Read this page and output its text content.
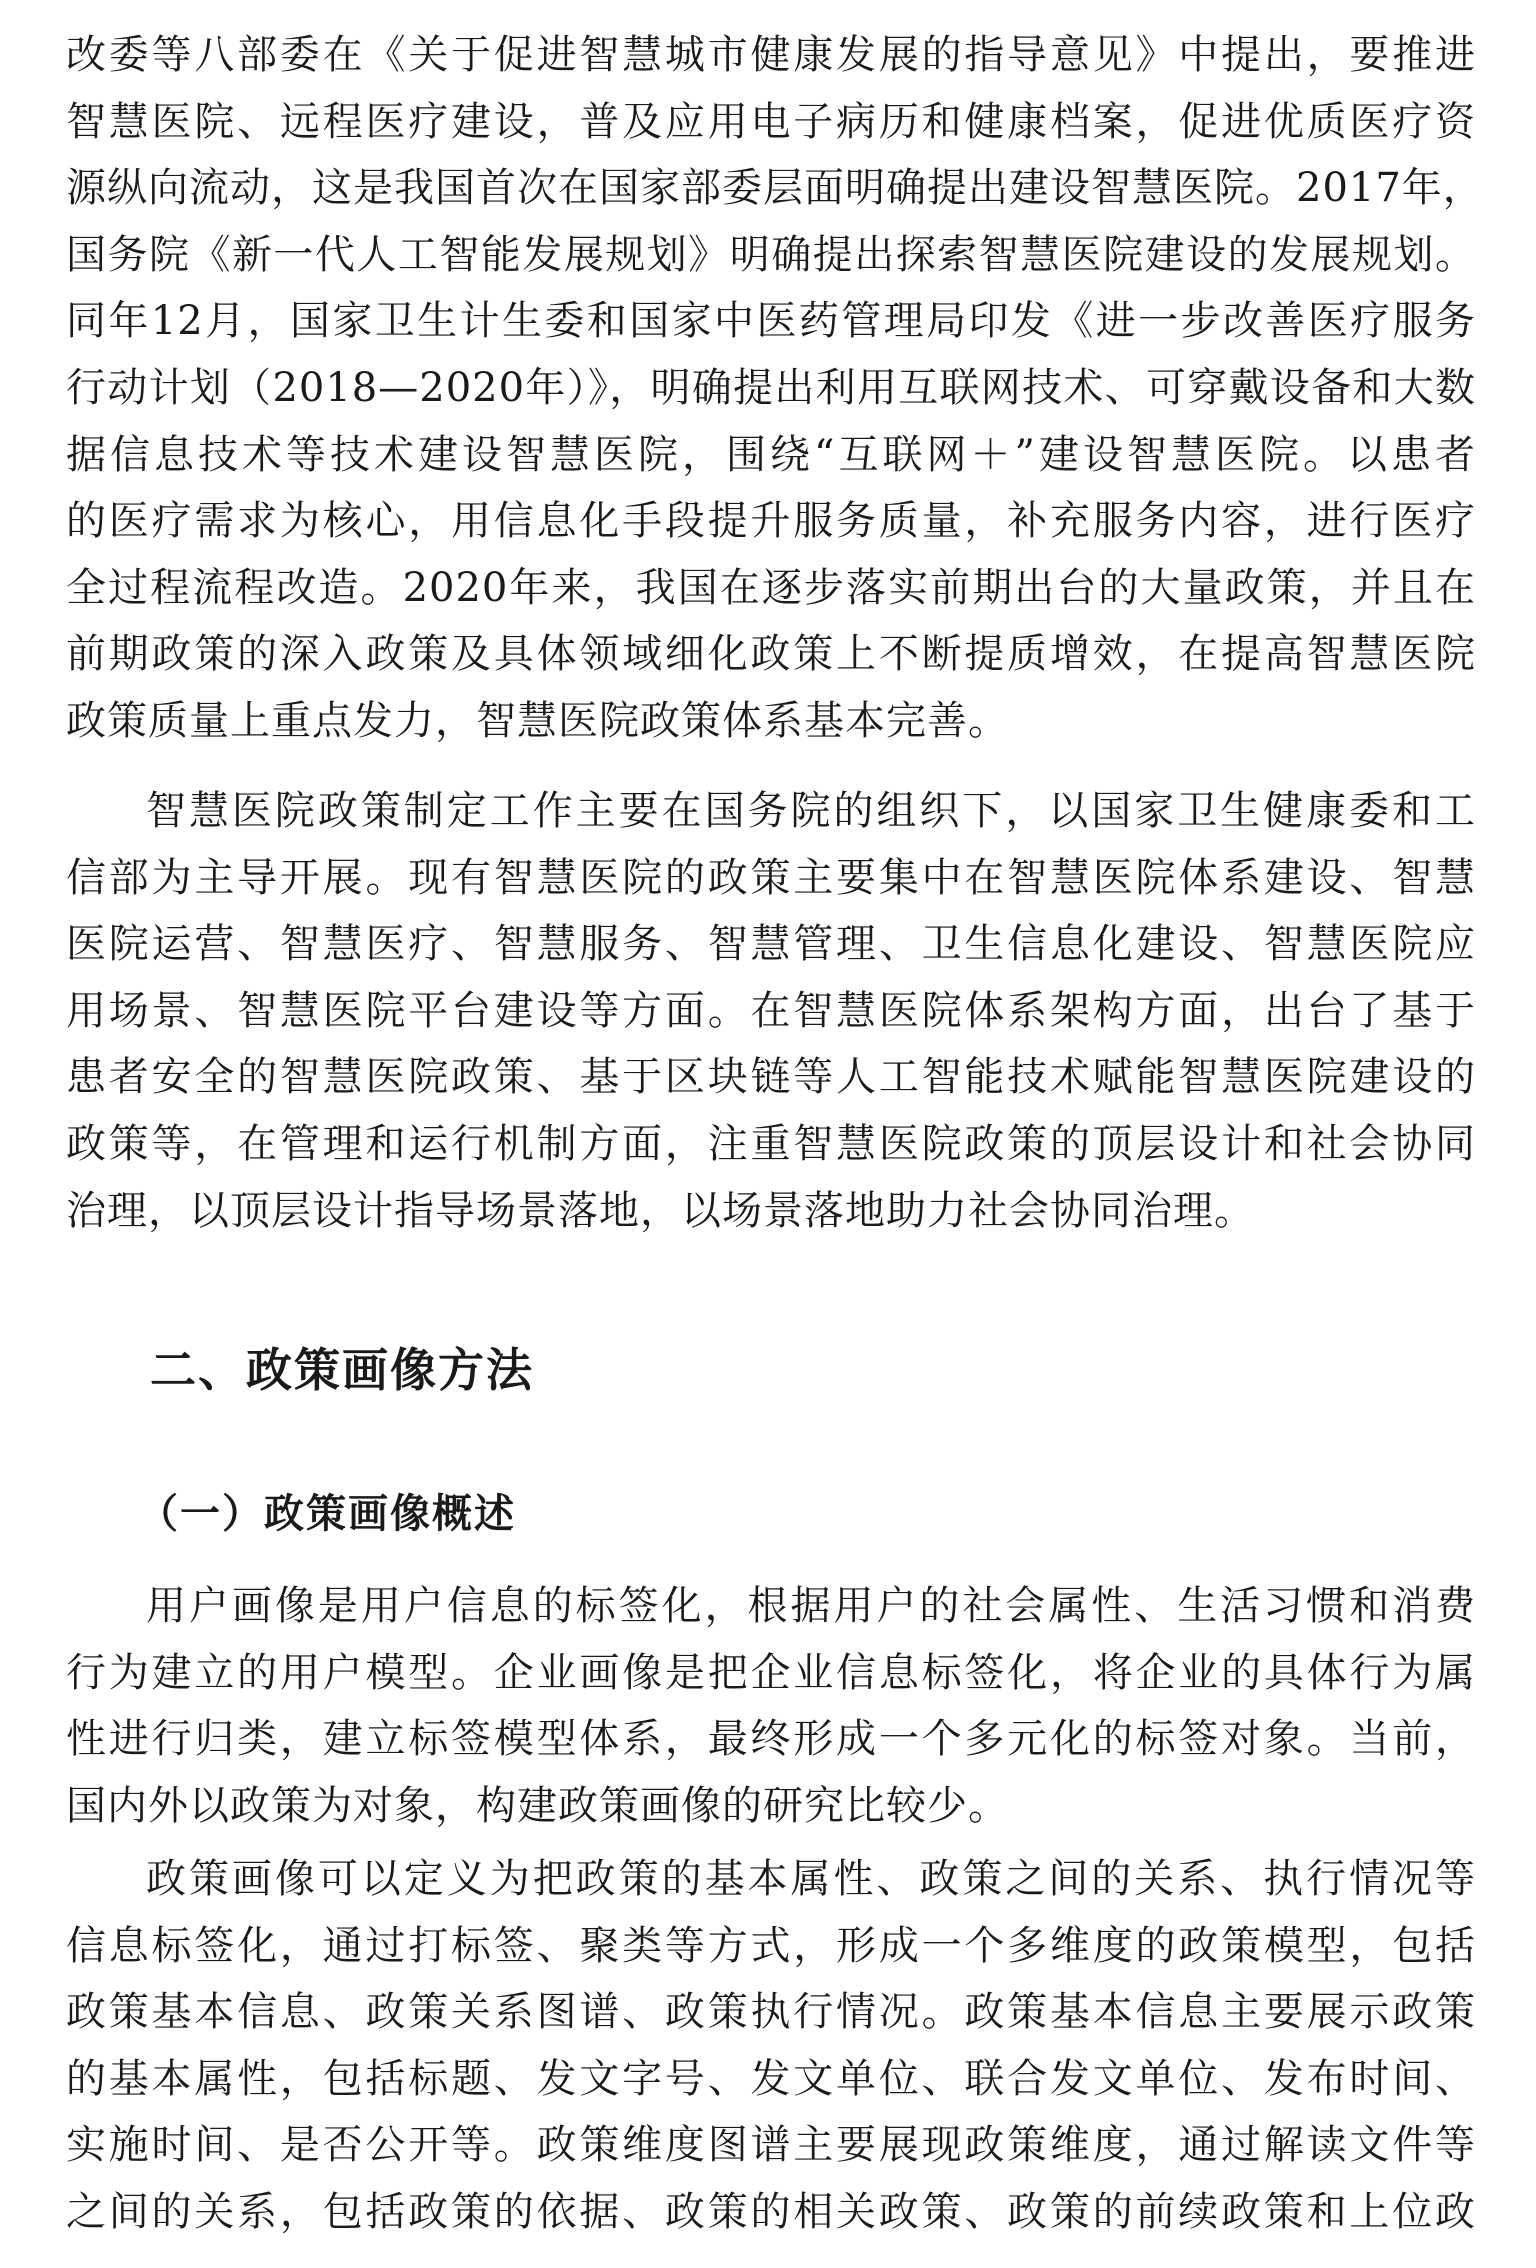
改委等八部委在《关于促进智慧城市健康发展的指导意见》中提出，要推进
智慧医院、远程医疗建设，普及应用电子病历和健康档案，促进优质医疗资
源纵向流动，这是我国首次在国家部委层面明确提出建设智慧医院。2017年，
国务院《新一代人工智能发展规划》明确提出探索智慧医院建设的发展规划。
同年12月，国家卫生计生委和国家中医药管理局印发《进一步改善医疗服务
行动计划（2018—2020年）》，明确提出利用互联网技术、可穿戴设备和大数
据信息技术等技术建设智慧医院，围绕“互联网＋”建设智慧医院。以患者
的医疗需求为核心，用信息化手段提升服务质量，补充服务内容，进行医疗
全过程流程改造。2020年来，我国在逐步落实前期出台的大量政策，并且在
前期政策的深入政策及具体领域细化政策上不断提质增效，在提高智慧医院
政策质量上重点发力，智慧医院政策体系基本完善。
智慧医院政策制定工作主要在国务院的组织下，以国家卫生健康委和工
信部为主导开展。现有智慧医院的政策主要集中在智慧医院体系建设、智慧
医院运营、智慧医疗、智慧服务、智慧管理、卫生信息化建设、智慧医院应
用场景、智慧医院平台建设等方面。在智慧医院体系架构方面，出台了基于
患者安全的智慧医院政策、基于区块链等人工智能技术赋能智慧医院建设的
政策等，在管理和运行机制方面，注重智慧医院政策的顶层设计和社会协同
治理，以顶层设计指导场景落地，以场景落地助力社会协同治理。
二、政策画像方法
（一）政策画像概述
用户画像是用户信息的标签化，根据用户的社会属性、生活习惯和消费
行为建立的用户模型。企业画像是把企业信息标签化，将企业的具体行为属
性进行归类，建立标签模型体系，最终形成一个多元化的标签对象。当前，
国内外以政策为对象，构建政策画像的研究比较少。
政策画像可以定义为把政策的基本属性、政策之间的关系、执行情况等
信息标签化，通过打标签、聚类等方式，形成一个多维度的政策模型，包括
政策基本信息、政策关系图谱、政策执行情况。政策基本信息主要展示政策
的基本属性，包括标题、发文字号、发文单位、联合发文单位、发布时间、
实施时间、是否公开等。政策维度图谱主要展现政策维度，通过解读文件等
之间的关系，包括政策的依据、政策的相关政策、政策的前续政策和上位政
